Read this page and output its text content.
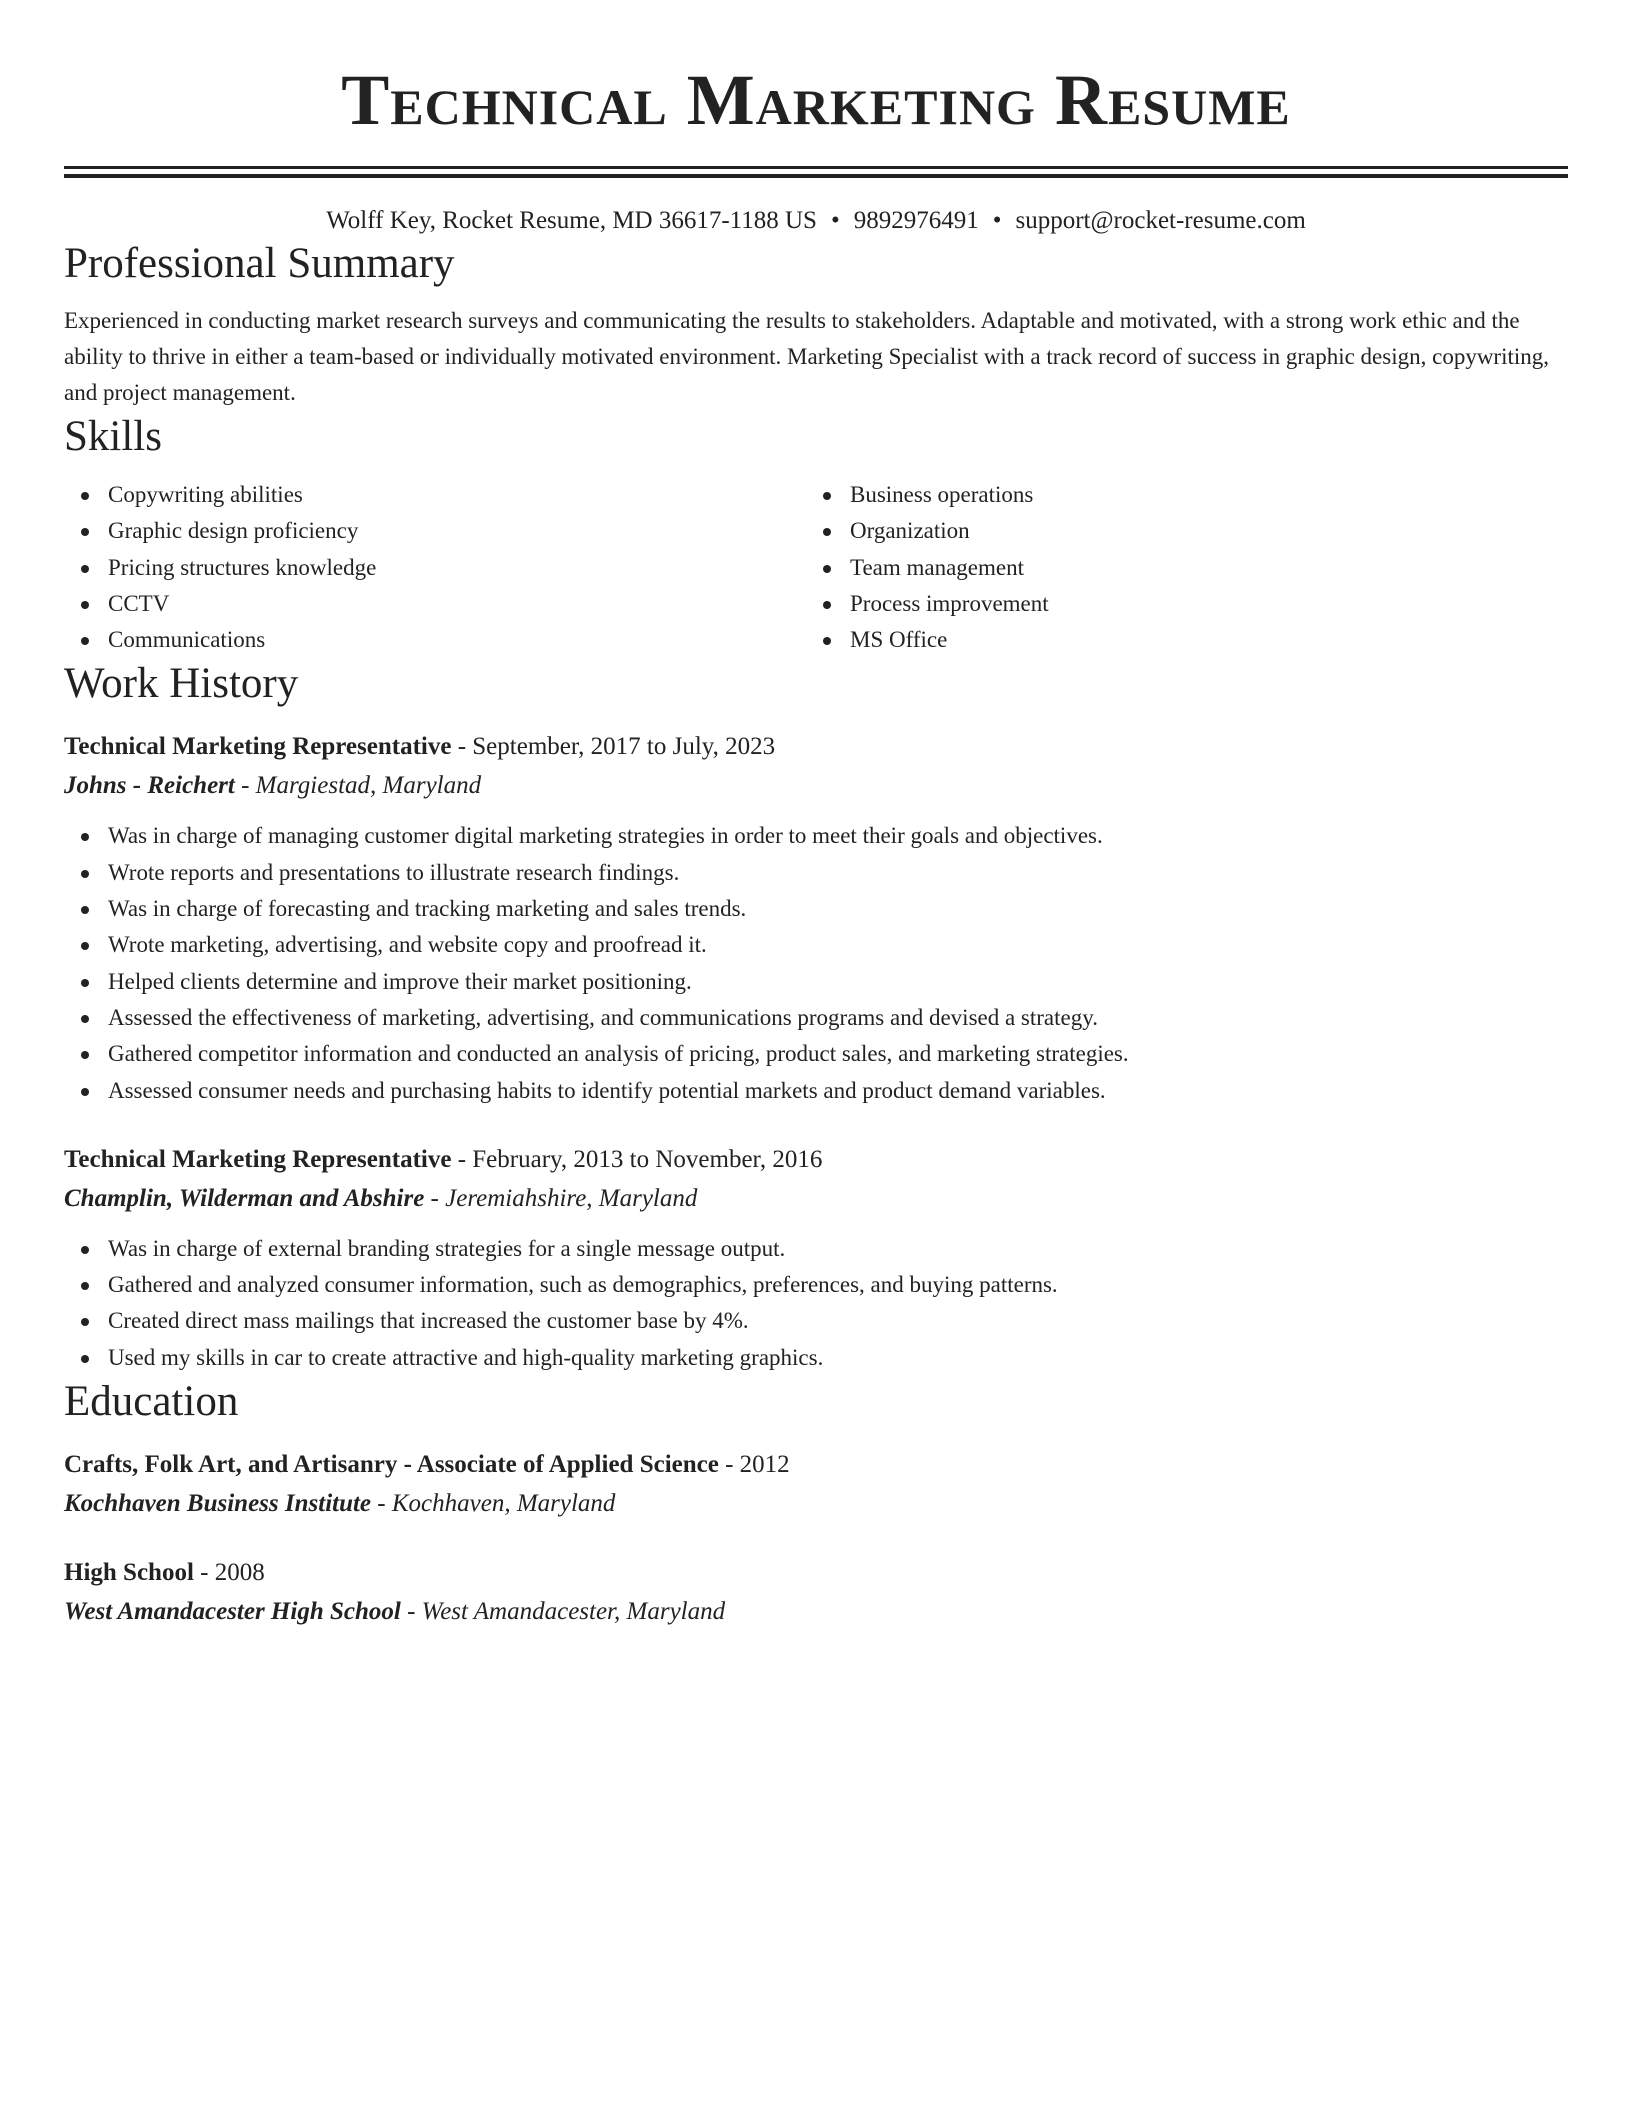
Technical Marketing Resume
Wolff Key, Rocket Resume, MD 36617-1188 US • 9892976491 • support@rocket-resume.com
Professional Summary

Experienced in conducting market research surveys and communicating the results to stakeholders. Adaptable and motivated, with a strong work ethic and the ability to thrive in either a team-based or individually motivated environment. Marketing Specialist with a track record of success in graphic design, copywriting, and project management.

Skills
Copywriting abilities
Graphic design proficiency
Pricing structures knowledge
CCTV
Communications
Business operations
Organization
Team management
Process improvement
MS Office
Work History
Technical Marketing Representative - September, 2017 to July, 2023
Johns - Reichert - Margiestad, Maryland
Was in charge of managing customer digital marketing strategies in order to meet their goals and objectives.
Wrote reports and presentations to illustrate research findings.
Was in charge of forecasting and tracking marketing and sales trends.
Wrote marketing, advertising, and website copy and proofread it.
Helped clients determine and improve their market positioning.
Assessed the effectiveness of marketing, advertising, and communications programs and devised a strategy.
Gathered competitor information and conducted an analysis of pricing, product sales, and marketing strategies.
Assessed consumer needs and purchasing habits to identify potential markets and product demand variables.
Technical Marketing Representative - February, 2013 to November, 2016
Champlin, Wilderman and Abshire - Jeremiahshire, Maryland
Was in charge of external branding strategies for a single message output.
Gathered and analyzed consumer information, such as demographics, preferences, and buying patterns.
Created direct mass mailings that increased the customer base by 4%.
Used my skills in car to create attractive and high-quality marketing graphics.
Education
Crafts, Folk Art, and Artisanry - Associate of Applied Science - 2012
Kochhaven Business Institute - Kochhaven, Maryland
High School - 2008
West Amandacester High School - West Amandacester, Maryland
